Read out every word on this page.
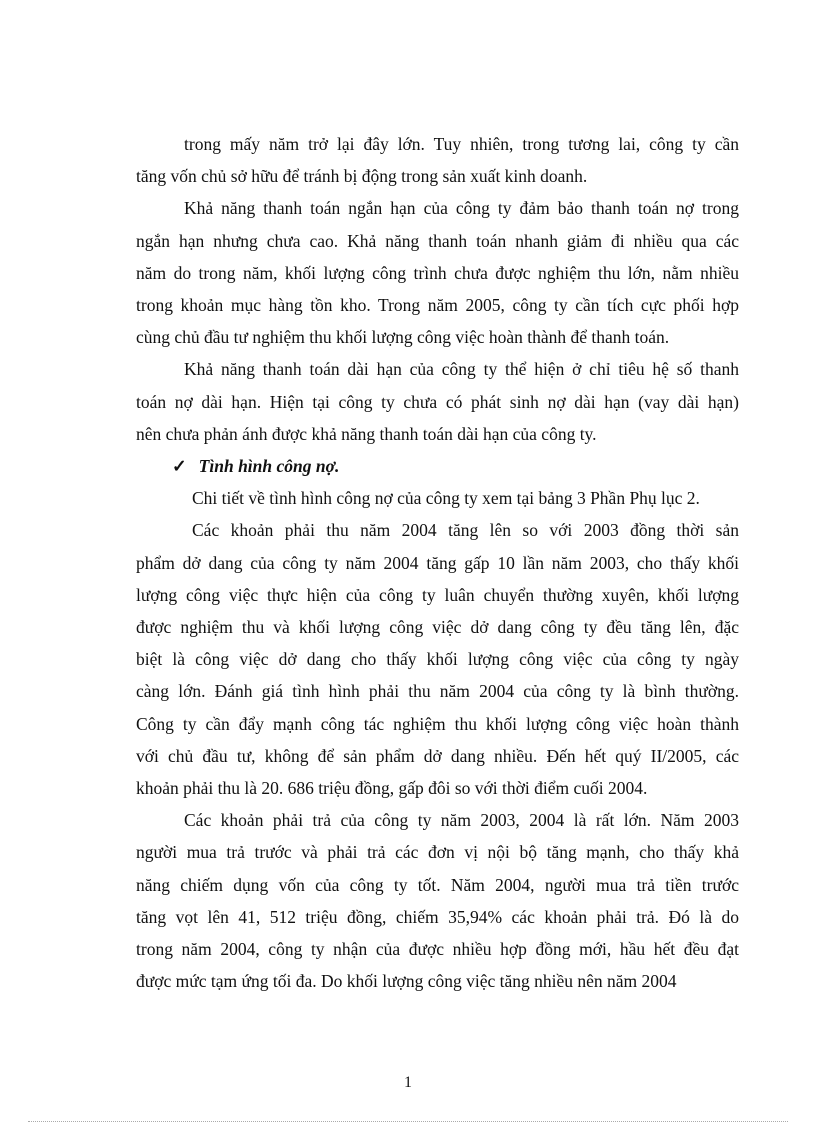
trong mấy năm trở lại đây lớn. Tuy nhiên, trong tương lai, công ty cần
tăng vốn chủ sở hữu để tránh bị động trong sản xuất kinh doanh.

Khả năng thanh toán ngắn hạn của công ty đảm bảo thanh toán nợ trong
ngắn hạn nhưng chưa cao. Khả năng thanh toán nhanh giảm đi nhiều qua các
năm do trong năm, khối lượng công trình chưa được nghiệm thu lớn, nằm nhiều
trong khoản mục hàng tồn kho. Trong năm 2005, công ty cần tích cực phối hợp
cùng chủ đầu tư nghiệm thu khối lượng công việc hoàn thành để thanh toán.

Khả năng thanh toán dài hạn của công ty thể hiện ở chỉ tiêu hệ số thanh
toán nợ dài hạn. Hiện tại công ty chưa có phát sinh nợ dài hạn (vay dài hạn)
nên chưa phản ánh được khả năng thanh toán dài hạn của công ty.

✓ Tình hình công nợ.

Chi tiết về tình hình công nợ của công ty xem tại bảng 3 Phần Phụ lục 2.

Các khoản phải thu năm 2004 tăng lên so với 2003 đồng thời sản
phẩm dở dang của công ty năm 2004 tăng gấp 10 lần năm 2003, cho thấy khối
lượng công việc thực hiện của công ty luân chuyển thường xuyên, khối lượng
được nghiệm thu và khối lượng công việc dở dang công ty đều tăng lên, đặc
biệt là công việc dở dang cho thấy khối lượng công việc của công ty ngày
càng lớn. Đánh giá tình hình phải thu năm 2004 của công ty là bình thường.
Công ty cần đẩy mạnh công tác nghiệm thu khối lượng công việc hoàn thành
với chủ đầu tư, không để sản phẩm dở dang nhiều. Đến hết quý II/2005, các
khoản phải thu là 20. 686 triệu đồng, gấp đôi so với thời điểm cuối 2004.

Các khoản phải trả của công ty năm 2003, 2004 là rất lớn. Năm 2003
người mua trả trước và phải trả các đơn vị nội bộ tăng mạnh, cho thấy khả
năng chiếm dụng vốn của công ty tốt. Năm 2004, người mua trả tiền trước
tăng vọt lên 41, 512 triệu đồng, chiếm 35,94% các khoản phải trả. Đó là do
trong năm 2004, công ty nhận của được nhiều hợp đồng mới, hầu hết đều đạt
được mức tạm ứng tối đa. Do khối lượng công việc tăng nhiều nên năm 2004

1
